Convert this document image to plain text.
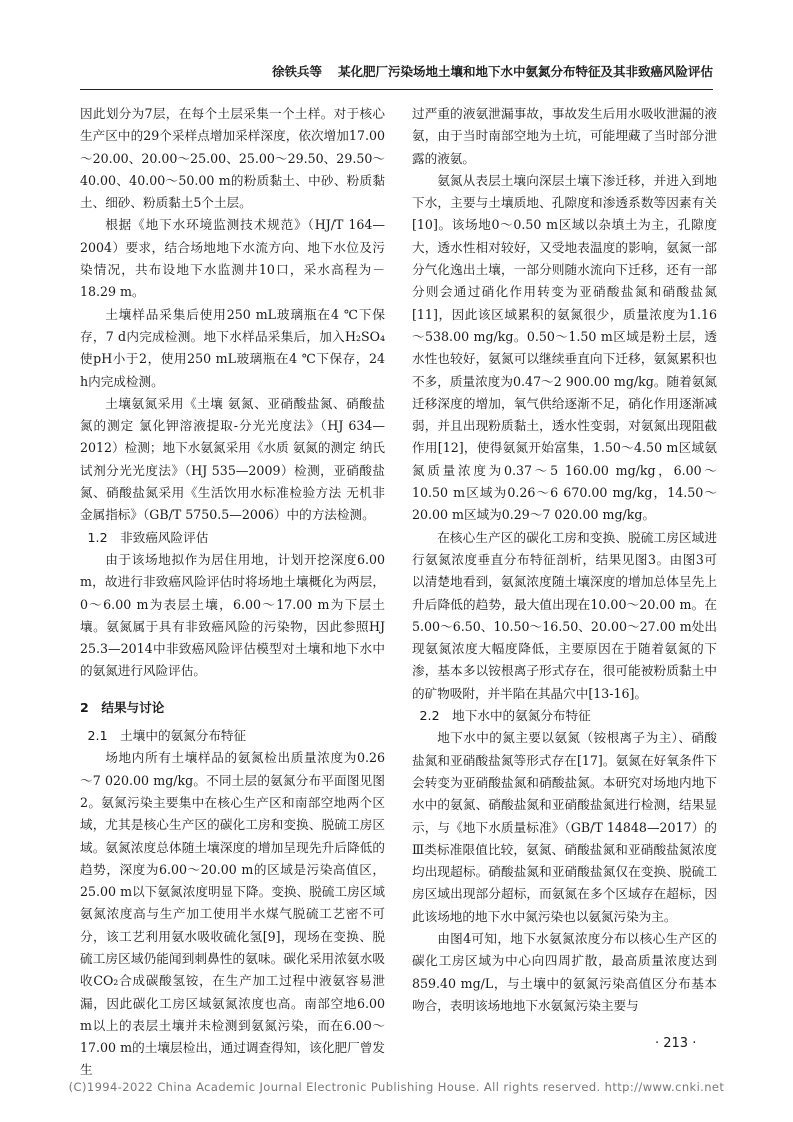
徐铁兵等 某化肥厂污染场地土壤和地下水中氨氮分布特征及其非致癌风险评估

因此划分为7层，在每个土层采集一个土样。对于核心生产区中的29个采样点增加采样深度，依次增加17.00～20.00、20.00～25.00、25.00～29.50、29.50～40.00、40.00～50.00 m的粉质黏土、中砂、粉质黏土、细砂、粉质黏土5个土层。

根据《地下水环境监测技术规范》（HJ/T 164—2004）要求，结合场地地下水流方向、地下水位及污染情况，共布设地下水监测井10口，采水高程为－18.29 m。

土壤样品采集后使用250 mL玻璃瓶在4 ℃下保存，7 d内完成检测。地下水样品采集后，加入H₂SO₄使pH小于2，使用250 mL玻璃瓶在4 ℃下保存，24 h内完成检测。

土壤氨氮采用《土壤 氨氮、亚硝酸盐氮、硝酸盐氮的测定 氯化钾溶液提取-分光光度法》（HJ 634—2012）检测；地下水氨氮采用《水质 氨氮的测定 纳氏试剂分光光度法》（HJ 535—2009）检测，亚硝酸盐氮、硝酸盐氮采用《生活饮用水标准检验方法 无机非金属指标》（GB/T 5750.5—2006）中的方法检测。

1.2　非致癌风险评估

由于该场地拟作为居住用地，计划开挖深度6.00 m，故进行非致癌风险评估时将场地土壤概化为两层，0～6.00 m为表层土壤，6.00～17.00 m为下层土壤。氨氮属于具有非致癌风险的污染物，因此参照HJ 25.3—2014中非致癌风险评估模型对土壤和地下水中的氨氮进行风险评估。

2　结果与讨论
2.1　土壤中的氨氮分布特征

场地内所有土壤样品的氨氮检出质量浓度为0.26～7 020.00 mg/kg。不同土层的氨氮分布平面图见图2。氨氮污染主要集中在核心生产区和南部空地两个区域，尤其是核心生产区的碳化工房和变换、脱硫工房区域。氨氮浓度总体随土壤深度的增加呈现先升后降低的趋势，深度为6.00～20.00 m的区域是污染高值区，25.00 m以下氨氮浓度明显下降。变换、脱硫工房区域氨氮浓度高与生产加工使用半水煤气脱硫工艺密不可分，该工艺利用氨水吸收硫化氢[9]，现场在变换、脱硫工房区域仍能闻到刺鼻性的氨味。碳化采用浓氨水吸收CO₂合成碳酸氢铵，在生产加工过程中液氨容易泄漏，因此碳化工房区域氨氮浓度也高。南部空地6.00 m以上的表层土壤并未检测到氨氮污染，而在6.00～17.00 m的土壤层检出，通过调查得知，该化肥厂曾发生

过严重的液氨泄漏事故，事故发生后用水吸收泄漏的液氨，由于当时南部空地为土坑，可能埋藏了当时部分泄露的液氨。

氨氮从表层土壤向深层土壤下渗迁移，并进入到地下水，主要与土壤质地、孔隙度和渗透系数等因素有关[10]。该场地0～0.50 m区域以杂填土为主，孔隙度大，透水性相对较好，又受地表温度的影响，氨氮一部分气化逸出土壤，一部分则随水流向下迁移，还有一部分则会通过硝化作用转变为亚硝酸盐氮和硝酸盐氮[11]，因此该区域累积的氨氮很少，质量浓度为1.16～538.00 mg/kg。0.50～1.50 m区域是粉土层，透水性也较好，氨氮可以继续垂直向下迁移，氨氮累积也不多，质量浓度为0.47～2 900.00 mg/kg。随着氨氮迁移深度的增加，氧气供给逐渐不足，硝化作用逐渐减弱，并且出现粉质黏土，透水性变弱，对氨氮出现阻截作用[12]，使得氨氮开始富集，1.50～4.50 m区域氨氮质量浓度为0.37～5 160.00 mg/kg，6.00～10.50 m区域为0.26～6 670.00 mg/kg，14.50～20.00 m区域为0.29～7 020.00 mg/kg。

在核心生产区的碳化工房和变换、脱硫工房区域进行氨氮浓度垂直分布特征剖析，结果见图3。由图3可以清楚地看到，氨氮浓度随土壤深度的增加总体呈先上升后降低的趋势，最大值出现在10.00～20.00 m。在5.00～6.50、10.50～16.50、20.00～27.00 m处出现氨氮浓度大幅度降低，主要原因在于随着氨氮的下渗，基本多以铵根离子形式存在，很可能被粉质黏土中的矿物吸附，并半陷在其晶穴中[13-16]。

2.2　地下水中的氨氮分布特征

地下水中的氮主要以氨氮（铵根离子为主）、硝酸盐氮和亚硝酸盐氮等形式存在[17]。氨氮在好氧条件下会转变为亚硝酸盐氮和硝酸盐氮。本研究对场地内地下水中的氨氮、硝酸盐氮和亚硝酸盐氮进行检测，结果显示，与《地下水质量标准》（GB/T 14848—2017）的Ⅲ类标准限值比较，氨氮、硝酸盐氮和亚硝酸盐氮浓度均出现超标。硝酸盐氮和亚硝酸盐氮仅在变换、脱硫工房区域出现部分超标，而氨氮在多个区域存在超标，因此该场地的地下水中氮污染也以氨氮污染为主。

由图4可知，地下水氨氮浓度分布以核心生产区的碳化工房区域为中心向四周扩散，最高质量浓度达到859.40 mg/L，与土壤中的氨氮污染高值区分布基本吻合，表明该场地地下水氨氮污染主要与

· 213 ·
(C)1994-2022 China Academic Journal Electronic Publishing House. All rights reserved. http://www.cnki.net
